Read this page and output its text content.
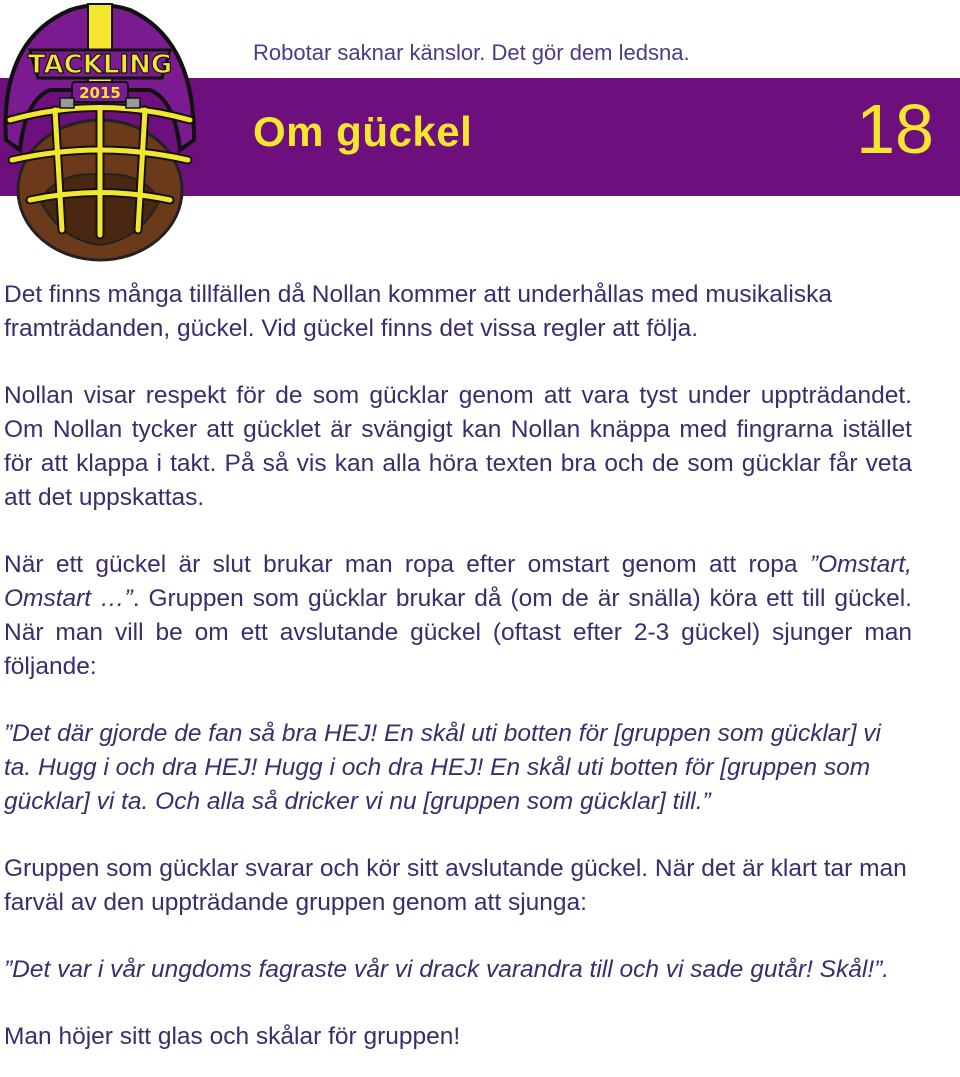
Robotar saknar känslor. Det gör dem ledsna.
Om gückel	18
TACKLING
2015

Det finns många tillfällen då Nollan kommer att underhållas med musikaliska framträdanden, gückel. Vid gückel finns det vissa regler att följa.

Nollan visar respekt för de som gücklar genom att vara tyst under uppträdandet. Om Nollan tycker att gücklet är svängigt kan Nollan knäppa med fingrarna istället för att klappa i takt. På så vis kan alla höra texten bra och de som gücklar får veta att det uppskattas.

När ett gückel är slut brukar man ropa efter omstart genom att ropa ”Omstart, Omstart …”. Gruppen som gücklar brukar då (om de är snälla) köra ett till gückel. När man vill be om ett avslutande gückel (oftast efter 2-3 gückel) sjunger man följande:

”Det där gjorde de fan så bra HEJ! En skål uti botten för [gruppen som gücklar] vi ta. Hugg i och dra HEJ! Hugg i och dra HEJ! En skål uti botten för [gruppen som gücklar] vi ta. Och alla så dricker vi nu [gruppen som gücklar] till.”

Gruppen som gücklar svarar och kör sitt avslutande gückel. När det är klart tar man farväl av den uppträdande gruppen genom att sjunga:

”Det var i vår ungdoms fagraste vår vi drack varandra till och vi sade gutår! Skål!”.

Man höjer sitt glas och skålar för gruppen!
